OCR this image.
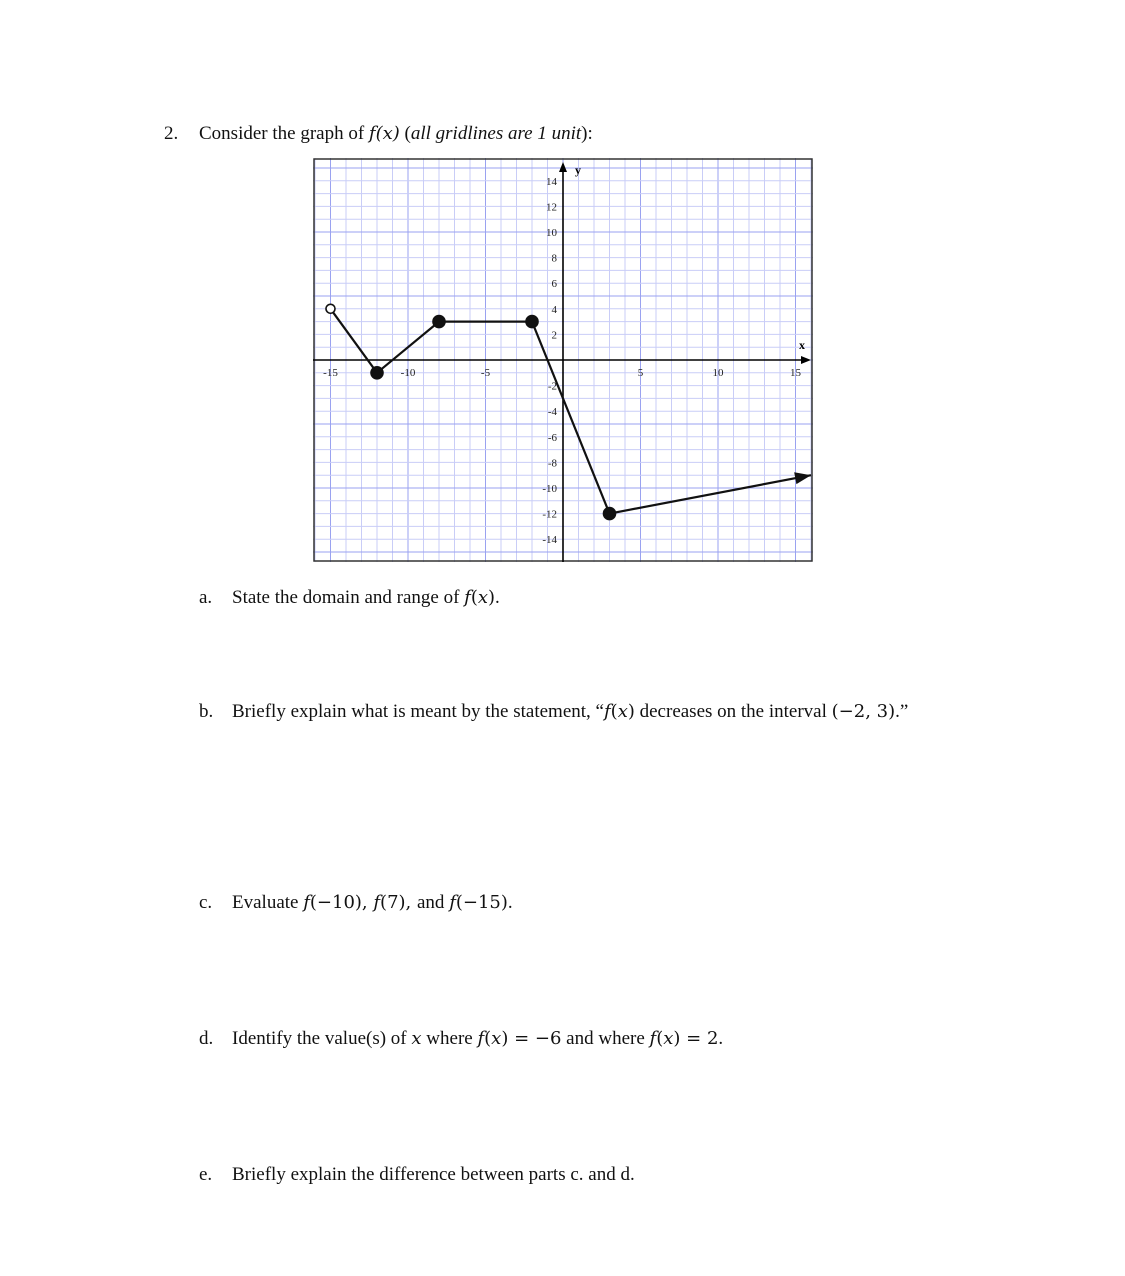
2. Consider the graph of f(x) (all gridlines are 1 unit):
x
y
-15	-10	-5	5	10	15
14
12
10
8
6
4
2
-2
-4
-6
-8
-10
-12
-14
a. State the domain and range of f(x).
b. Briefly explain what is meant by the statement, “f(x) decreases on the interval (−2, 3).”
c. Evaluate f(−10), f(7), and f(−15).
d. Identify the value(s) of x where f(x) = −6 and where f(x) = 2.
e. Briefly explain the difference between parts c. and d.
